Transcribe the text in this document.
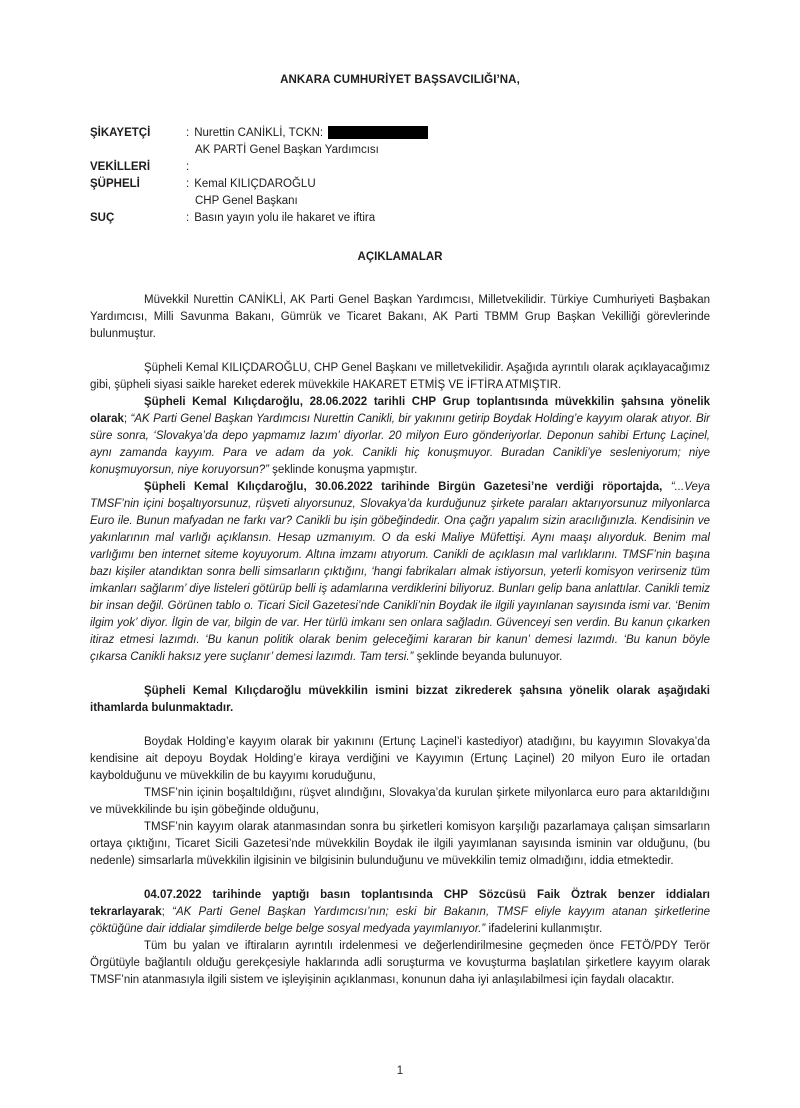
ANKARA CUMHURİYET BAŞSAVCILIĞI’NA,
ŞİKAYETÇİ	: Nurettin CANİKLİ, TCKN:
AK PARTİ Genel Başkan Yardımcısı
VEKİLLERİ	:
ŞÜPHELİ	: Kemal KILIÇDAROĞLU
CHP Genel Başkanı
SUÇ	: Basın yayın yolu ile hakaret ve iftira
AÇIKLAMALAR

Müvekkil Nurettin CANİKLİ, AK Parti Genel Başkan Yardımcısı, Milletvekilidir. Türkiye Cumhuriyeti Başbakan Yardımcısı, Milli Savunma Bakanı, Gümrük ve Ticaret Bakanı, AK Parti TBMM Grup Başkan Vekilliği görevlerinde bulunmuştur.

Şüpheli Kemal KILIÇDAROĞLU, CHP Genel Başkanı ve milletvekilidir. Aşağıda ayrıntılı olarak açıklayacağımız gibi, şüpheli siyasi saikle hareket ederek müvekkile HAKARET ETMİŞ VE İFTİRA ATMIŞTIR.

Şüpheli Kemal Kılıçdaroğlu, 28.06.2022 tarihli CHP Grup toplantısında müvekkilin şahsına yönelik olarak; “AK Parti Genel Başkan Yardımcısı Nurettin Canikli, bir yakınını getirip Boydak Holding’e kayyım olarak atıyor. Bir süre sonra, ‘Slovakya’da depo yapmamız lazım’ diyorlar. 20 milyon Euro gönderiyorlar. Deponun sahibi Ertunç Laçinel, aynı zamanda kayyım. Para ve adam da yok. Canikli hiç konuşmuyor. Buradan Canikli’ye sesleniyorum; niye konuşmuyorsun, niye koruyorsun?” şeklinde konuşma yapmıştır.

Şüpheli Kemal Kılıçdaroğlu, 30.06.2022 tarihinde Birgün Gazetesi’ne verdiği röportajda, “...Veya TMSF’nin içini boşaltıyorsunuz, rüşveti alıyorsunuz, Slovakya’da kurduğunuz şirkete paraları aktarıyorsunuz milyonlarca Euro ile. Bunun mafyadan ne farkı var? Canikli bu işin göbeğindedir. Ona çağrı yapalım sizin aracılığınızla. Kendisinin ve yakınlarının mal varlığı açıklansın. Hesap uzmanıyım. O da eski Maliye Müfettişi. Aynı maaşı alıyorduk. Benim mal varlığımı ben internet siteme koyuyorum. Altına imzamı atıyorum. Canikli de açıklasın mal varlıklarını. TMSF’nin başına bazı kişiler atandıktan sonra belli simsarların çıktığını, ‘hangi fabrikaları almak istiyorsun, yeterli komisyon verirseniz tüm imkanları sağlarım’ diye listeleri götürüp belli iş adamlarına verdiklerini biliyoruz. Bunları gelip bana anlattılar. Canikli temiz bir insan değil. Görünen tablo o. Ticari Sicil Gazetesi’nde Canikli’nin Boydak ile ilgili yayınlanan sayısında ismi var. ‘Benim ilgim yok’ diyor. İlgin de var, bilgin de var. Her türlü imkanı sen onlara sağladın. Güvenceyi sen verdin. Bu kanun çıkarken itiraz etmesi lazımdı. ‘Bu kanun politik olarak benim geleceğimi kararan bir kanun’ demesi lazımdı. ‘Bu kanun böyle çıkarsa Canikli haksız yere suçlanır’ demesi lazımdı. Tam tersi.” şeklinde beyanda bulunuyor.

Şüpheli Kemal Kılıçdaroğlu müvekkilin ismini bizzat zikrederek şahsına yönelik olarak aşağıdaki ithamlarda bulunmaktadır.

Boydak Holding’e kayyım olarak bir yakınını (Ertunç Laçinel’i kastediyor) atadığını, bu kayyımın Slovakya’da kendisine ait depoyu Boydak Holding’e kiraya verdiğini ve Kayyımın (Ertunç Laçinel) 20 milyon Euro ile ortadan kaybolduğunu ve müvekkilin de bu kayyımı koruduğunu,

TMSF’nin içinin boşaltıldığını, rüşvet alındığını, Slovakya’da kurulan şirkete milyonlarca euro para aktarıldığını ve müvekkilinde bu işin göbeğinde olduğunu,

TMSF’nin kayyım olarak atanmasından sonra bu şirketleri komisyon karşılığı pazarlamaya çalışan simsarların ortaya çıktığını, Ticaret Sicili Gazetesi’nde müvekkilin Boydak ile ilgili yayımlanan sayısında isminin var olduğunu, (bu nedenle) simsarlarla müvekkilin ilgisinin ve bilgisinin bulunduğunu ve müvekkilin temiz olmadığını, iddia etmektedir.

04.07.2022 tarihinde yaptığı basın toplantısında CHP Sözcüsü Faik Öztrak benzer iddiaları tekrarlayarak; “AK Parti Genel Başkan Yardımcısı’nın; eski bir Bakanın, TMSF eliyle kayyım atanan şirketlerine çöktüğüne dair iddialar şimdilerde belge belge sosyal medyada yayımlanıyor.” ifadelerini kullanmıştır.

Tüm bu yalan ve iftiraların ayrıntılı irdelenmesi ve değerlendirilmesine geçmeden önce FETÖ/PDY Terör Örgütüyle bağlantılı olduğu gerekçesiyle haklarında adli soruşturma ve kovuşturma başlatılan şirketlere kayyım olarak TMSF’nin atanmasıyla ilgili sistem ve işleyişinin açıklanması, konunun daha iyi anlaşılabilmesi için faydalı olacaktır.

1
